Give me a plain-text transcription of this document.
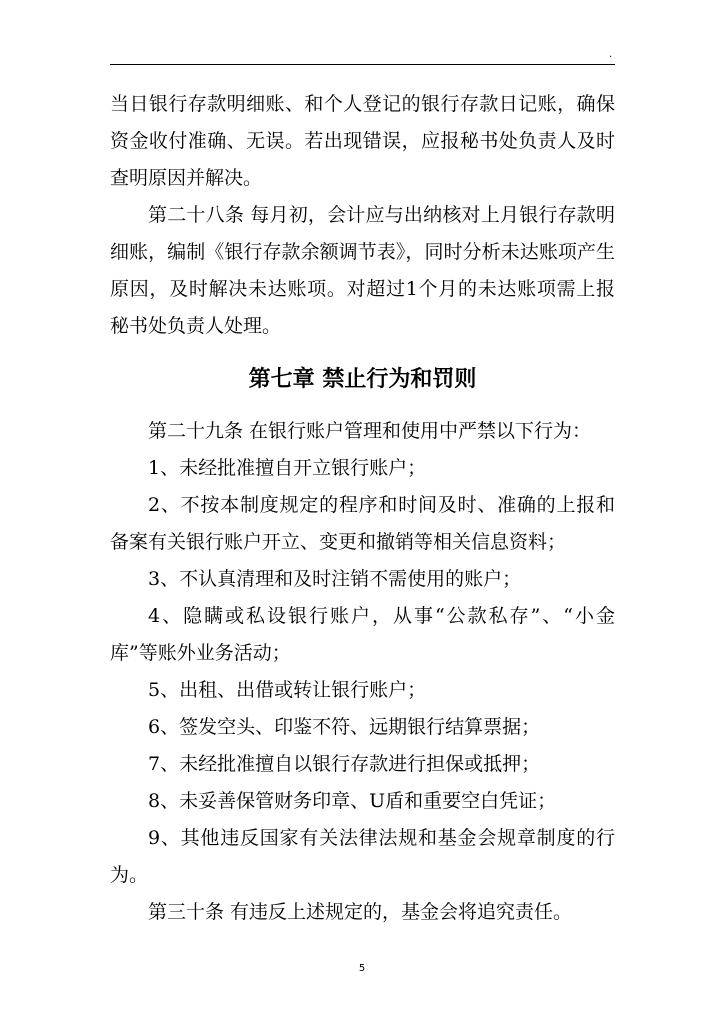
.

当日银行存款明细账、和个人登记的银行存款日记账，确保资金收付准确、无误。若出现错误，应报秘书处负责人及时查明原因并解决。

第二十八条 每月初，会计应与出纳核对上月银行存款明细账，编制《银行存款余额调节表》，同时分析未达账项产生原因，及时解决未达账项。对超过1个月的未达账项需上报秘书处负责人处理。

第七章 禁止行为和罚则

第二十九条 在银行账户管理和使用中严禁以下行为：

1、未经批准擅自开立银行账户；

2、不按本制度规定的程序和时间及时、准确的上报和备案有关银行账户开立、变更和撤销等相关信息资料；

3、不认真清理和及时注销不需使用的账户；

4、隐瞒或私设银行账户，从事“公款私存”、“小金库”等账外业务活动；

5、出租、出借或转让银行账户；

6、签发空头、印鉴不符、远期银行结算票据；

7、未经批准擅自以银行存款进行担保或抵押；

8、未妥善保管财务印章、U盾和重要空白凭证；

9、其他违反国家有关法律法规和基金会规章制度的行为。

第三十条 有违反上述规定的，基金会将追究责任。

5
